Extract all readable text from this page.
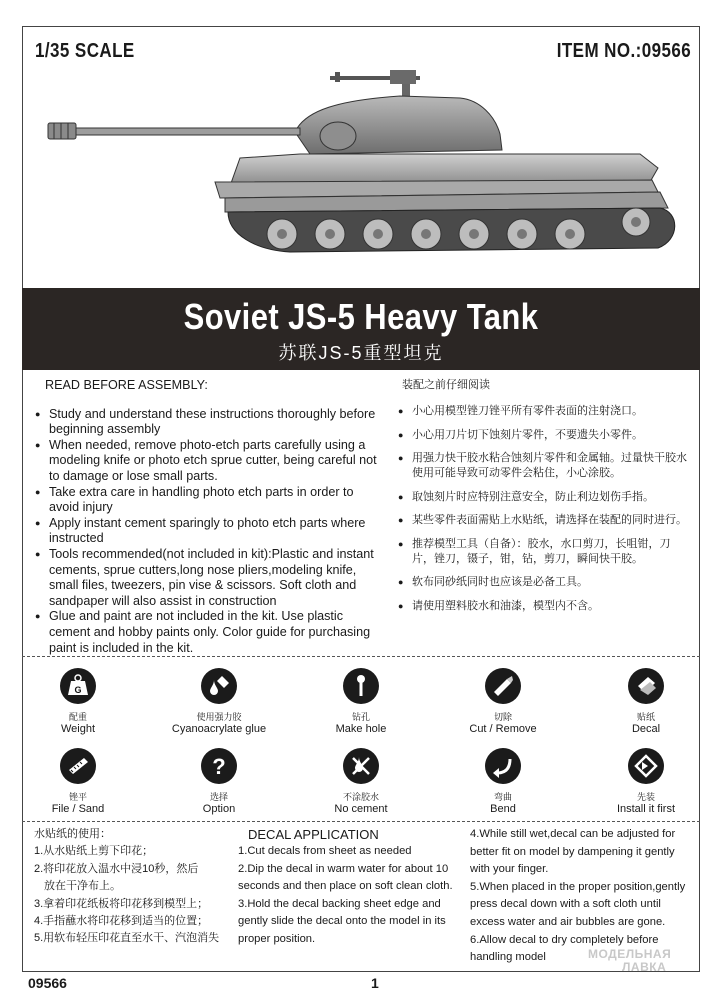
1/35 SCALE	ITEM NO.:09566
Soviet JS-5 Heavy Tank
苏联JS-5重型坦克
READ BEFORE ASSEMBLY:
● Study and understand these instructions thoroughly before beginning assembly
● When needed, remove photo-etch parts carefully using a modeling knife or photo etch sprue cutter, being careful not to damage or lose small parts.
● Take extra care in handling photo etch parts in order to avoid injury
● Apply instant cement sparingly to photo etch parts where instructed
● Tools recommended(not included in kit):Plastic and instant cements, sprue cutters,long nose pliers,modeling knife, small files, tweezers, pin vise & scissors. Soft cloth and sandpaper will also assist in construction
● Glue and paint are not included in the kit. Use plastic cement and hobby paints only. Color guide for purchasing paint is included in the kit.
装配之前仔细阅读
● 小心用模型锉刀锉平所有零件表面的注射浇口。
● 小心用刀片切下蚀刻片零件，不要遗失小零件。
● 用强力快干胶水粘合蚀刻片零件和金属轴。过量快干胶水使用可能导致可动零件会粘住，小心涂胶。
● 取蚀刻片时应特别注意安全，防止利边划伤手指。
● 某些零件表面需贴上水贴纸，请选择在装配的同时进行。
● 推荐模型工具（自备）：胶水，水口剪刀，长咀钳，刀片，锉刀，镊子，钳，钻，剪刀，瞬间快干胶。
● 软布同砂纸同时也应该是必备工具。
● 请使用塑料胶水和油漆，模型内不含。
G
配重
Weight
使用强力胶
Cyanoacrylate glue
钻孔
Make hole
切除
Cut / Remove
贴纸
Decal
锉平
File / Sand
?
选择
Option
不涂胶水
No cement
弯曲
Bend
先装
Install it first
水贴纸的使用：
1.从水贴纸上剪下印花；
2.将印花放入温水中浸10秒，然后
放在干净布上。
3.拿着印花纸板将印花移到模型上；
4.手指蘸水将印花移到适当的位置；
5.用软布轻压印花直至水干、汽泡消失
DECAL APPLICATION
1.Cut decals from sheet as needed
2.Dip the decal in warm water for about 10
seconds and then place on soft clean cloth.
3.Hold the decal backing sheet edge and
gently slide the decal onto the model in its
proper position.
4.While still wet,decal can be adjusted for
better fit on model by dampening it gently
with your finger.
5.When placed in the proper position,gently
press decal down with a soft cloth until
excess water and air bubbles are gone.
6.Allow decal to dry completely before
handling model	МОДЕЛЬНАЯ
ЛАВКА
09566	1
